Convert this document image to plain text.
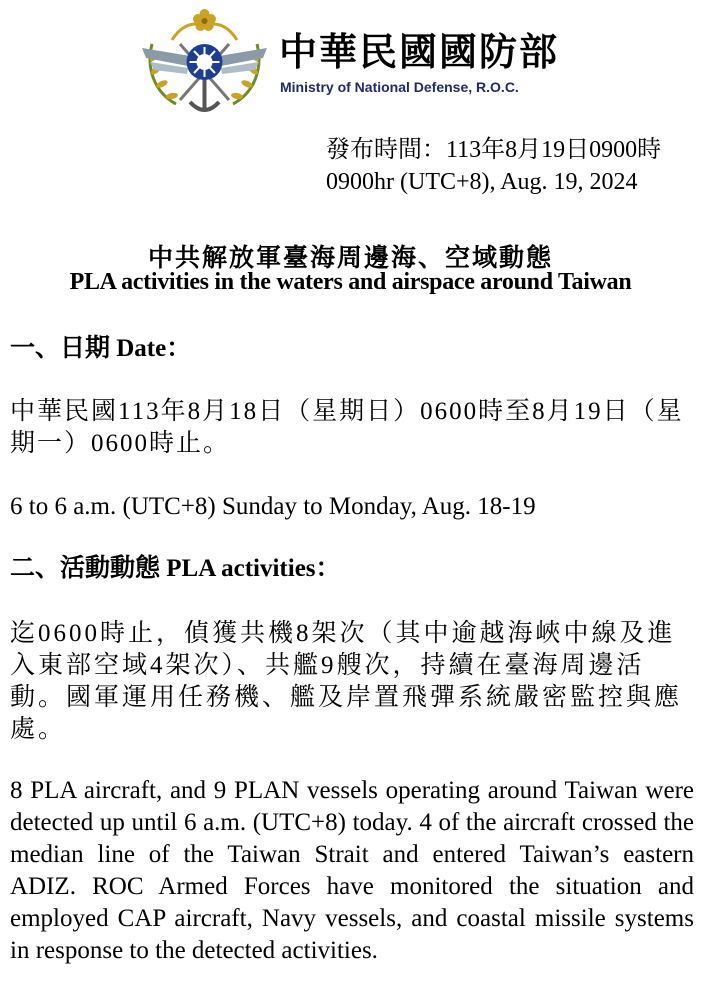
中華民國國防部
Ministry of National Defense, R.O.C.
發布時間：113年8月19日0900時
0900hr (UTC+8), Aug. 19, 2024
中共解放軍臺海周邊海、空域動態
PLA activities in the waters and airspace around Taiwan
一、日期 Date：
中華民國113年8月18日（星期日）0600時至8月19日（星期一）0600時止。
6 to 6 a.m. (UTC+8) Sunday to Monday, Aug. 18-19
二、活動動態 PLA activities：
迄0600時止，偵獲共機8架次（其中逾越海峽中線及進入東部空域4架次）、共艦9艘次，持續在臺海周邊活動。國軍運用任務機、艦及岸置飛彈系統嚴密監控與應處。
8 PLA aircraft, and 9 PLAN vessels operating around Taiwan were detected up until 6 a.m. (UTC+8) today. 4 of the aircraft crossed the median line of the Taiwan Strait and entered Taiwan’s eastern ADIZ. ROC Armed Forces have monitored the situation and employed CAP aircraft, Navy vessels, and coastal missile systems in response to the detected activities.
